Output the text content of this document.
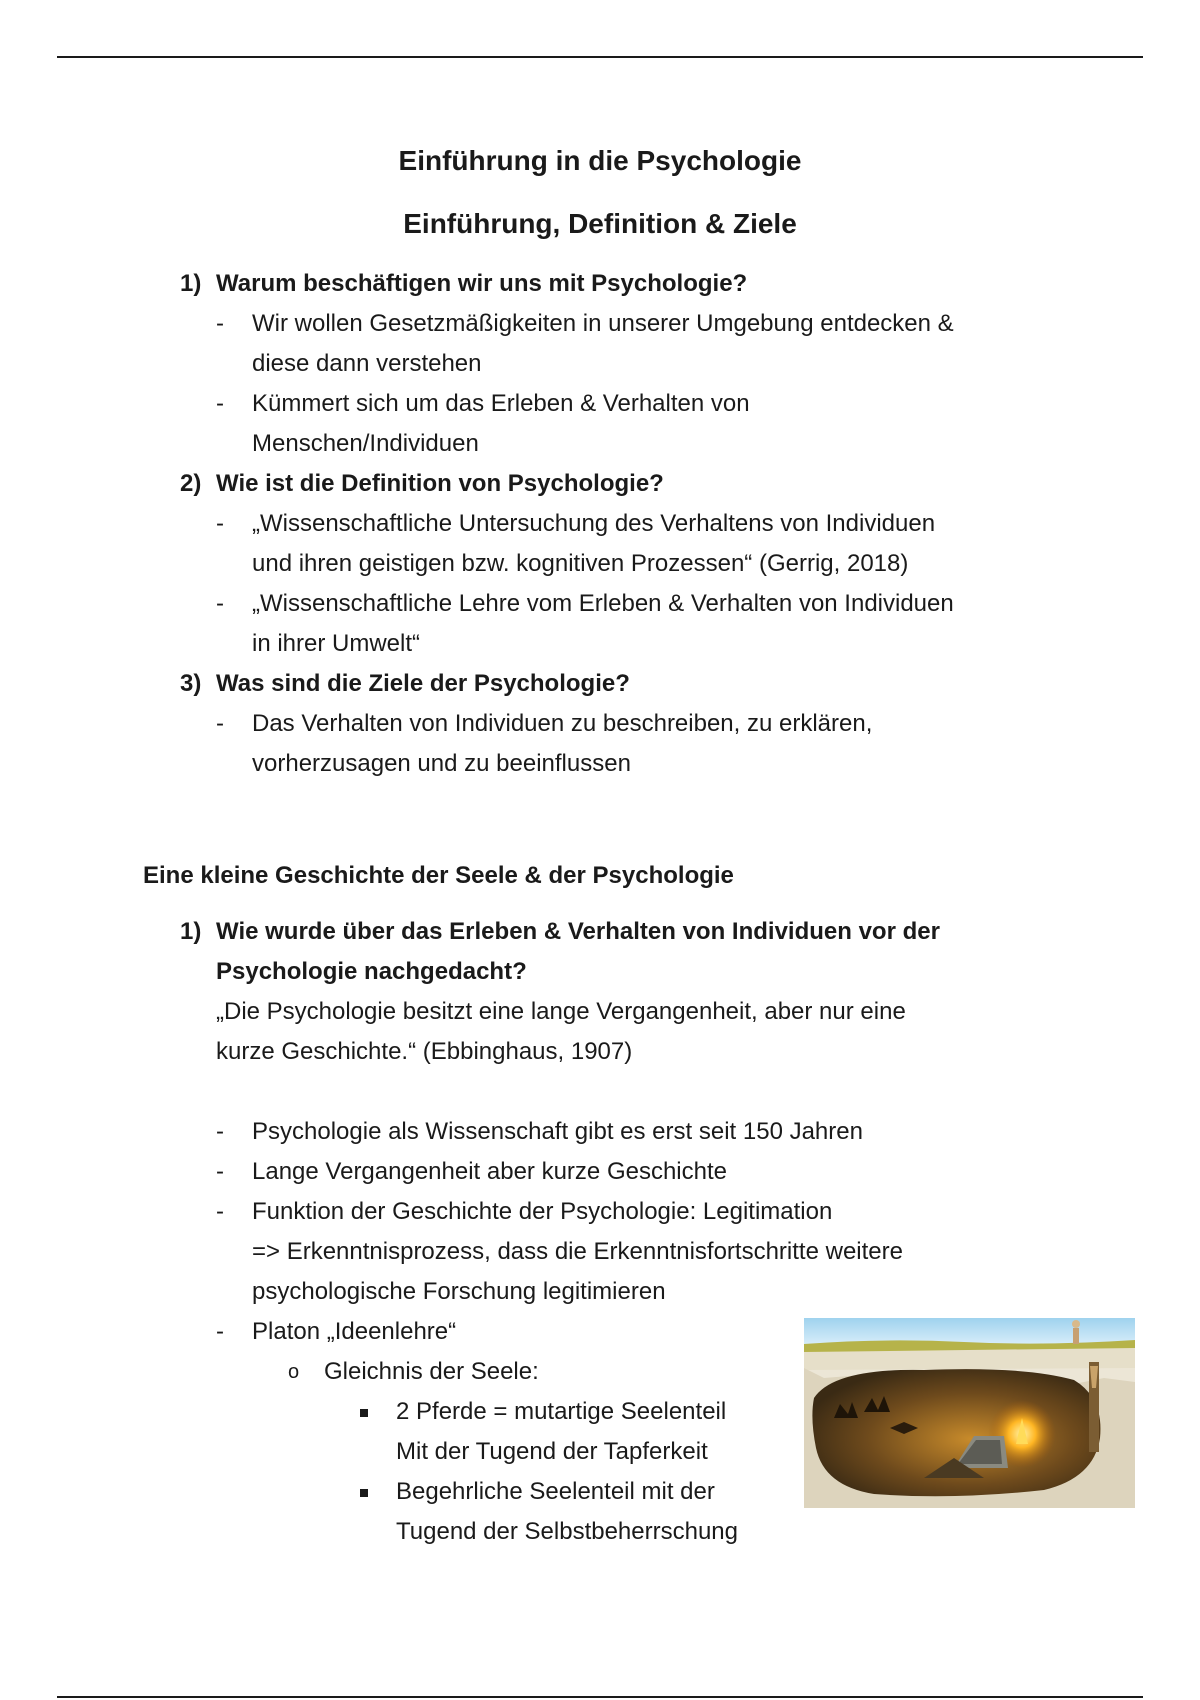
Einführung in die Psychologie
Einführung, Definition & Ziele
1) Warum beschäftigen wir uns mit Psychologie?
- Wir wollen Gesetzmäßigkeiten in unserer Umgebung entdecken &
diese dann verstehen
- Kümmert sich um das Erleben & Verhalten von
Menschen/Individuen
2) Wie ist die Definition von Psychologie?
- „Wissenschaftliche Untersuchung des Verhaltens von Individuen
und ihren geistigen bzw. kognitiven Prozessen“ (Gerrig, 2018)
- „Wissenschaftliche Lehre vom Erleben & Verhalten von Individuen
in ihrer Umwelt“
3) Was sind die Ziele der Psychologie?
- Das Verhalten von Individuen zu beschreiben, zu erklären,
vorherzusagen und zu beeinflussen
Eine kleine Geschichte der Seele & der Psychologie
1) Wie wurde über das Erleben & Verhalten von Individuen vor der
Psychologie nachgedacht?
„Die Psychologie besitzt eine lange Vergangenheit, aber nur eine
kurze Geschichte.“ (Ebbinghaus, 1907)
- Psychologie als Wissenschaft gibt es erst seit 150 Jahren
- Lange Vergangenheit aber kurze Geschichte
- Funktion der Geschichte der Psychologie: Legitimation
=> Erkenntnisprozess, dass die Erkenntnisfortschritte weitere
psychologische Forschung legitimieren
- Platon „Ideenlehre“
o Gleichnis der Seele:
2 Pferde = mutartige Seelenteil
Mit der Tugend der Tapferkeit
Begehrliche Seelenteil mit der
Tugend der Selbstbeherrschung
